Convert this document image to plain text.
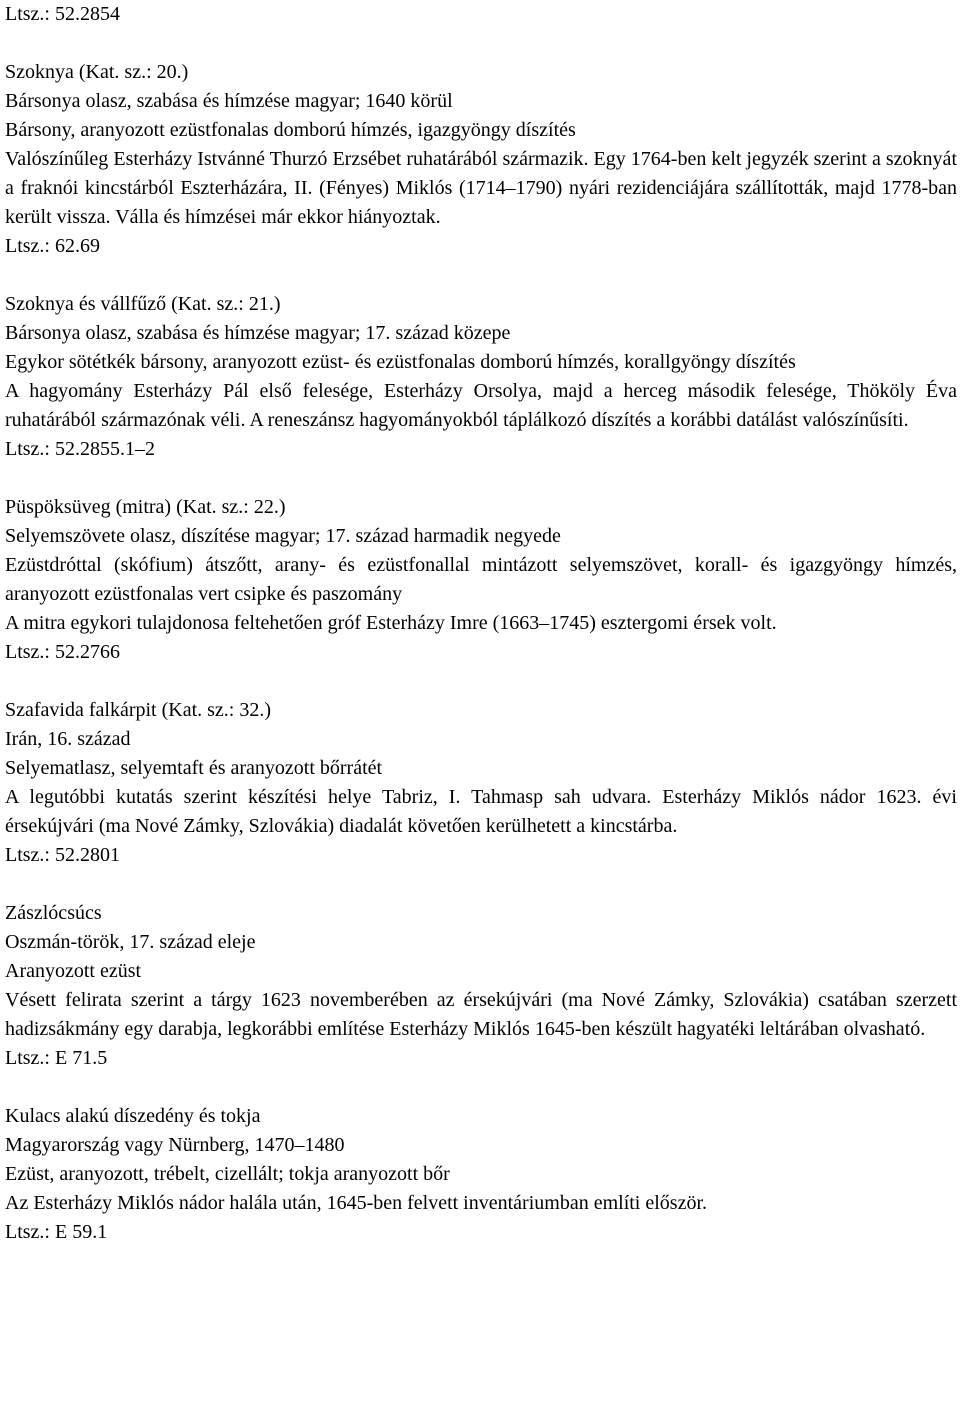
Ltsz.: 52.2854
Szoknya (Kat. sz.: 20.)
Bársonya olasz, szabása és hímzése magyar; 1640 körül
Bársony, aranyozott ezüstfonalas domború hímzés, igazgyöngy díszítés
Valószínűleg Esterházy Istvánné Thurzó Erzsébet ruhatárából származik. Egy 1764-ben kelt jegyzék szerint a szoknyát a fraknói kincstárból Eszterházára, II. (Fényes) Miklós (1714–1790) nyári rezidenciájára szállították, majd 1778-ban került vissza. Válla és hímzései már ekkor hiányoztak.
Ltsz.: 62.69
Szoknya és vállfűző (Kat. sz.: 21.)
Bársonya olasz, szabása és hímzése magyar; 17. század közepe
Egykor sötétkék bársony, aranyozott ezüst- és ezüstfonalas domború hímzés, korallgyöngy díszítés
A hagyomány Esterházy Pál első felesége, Esterházy Orsolya, majd a herceg második felesége, Thököly Éva ruhatárából származónak véli. A reneszánsz hagyományokból táplálkozó díszítés a korábbi datálást valószínűsíti.
Ltsz.: 52.2855.1–2
Püspöksüveg (mitra) (Kat. sz.: 22.)
Selyemszövete olasz, díszítése magyar; 17. század harmadik negyede
Ezüstdróttal (skófium) átszőtt, arany- és ezüstfonallal mintázott selyemszövet, korall- és igazgyöngy hímzés, aranyozott ezüstfonalas vert csipke és paszomány
A mitra egykori tulajdonosa feltehetően gróf Esterházy Imre (1663–1745) esztergomi érsek volt.
Ltsz.: 52.2766
Szafavida falkárpit (Kat. sz.: 32.)
Irán, 16. század
Selyematlasz, selyemtaft és aranyozott bőrrátét
A legutóbbi kutatás szerint készítési helye Tabriz, I. Tahmasp sah udvara. Esterházy Miklós nádor 1623. évi érsekújvári (ma Nové Zámky, Szlovákia) diadalát követően kerülhetett a kincstárba.
Ltsz.: 52.2801
Zászlócsúcs
Oszmán-török, 17. század eleje
Aranyozott ezüst
Vésett felirata szerint a tárgy 1623 novemberében az érsekújvári (ma Nové Zámky, Szlovákia) csatában szerzett hadizsákmány egy darabja, legkorábbi említése Esterházy Miklós 1645-ben készült hagyatéki leltárában olvasható.
Ltsz.: E 71.5
Kulacs alakú díszedény és tokja
Magyarország vagy Nürnberg, 1470–1480
Ezüst, aranyozott, trébelt, cizellált; tokja aranyozott bőr
Az Esterházy Miklós nádor halála után, 1645-ben felvett inventáriumban említi először.
Ltsz.: E 59.1
